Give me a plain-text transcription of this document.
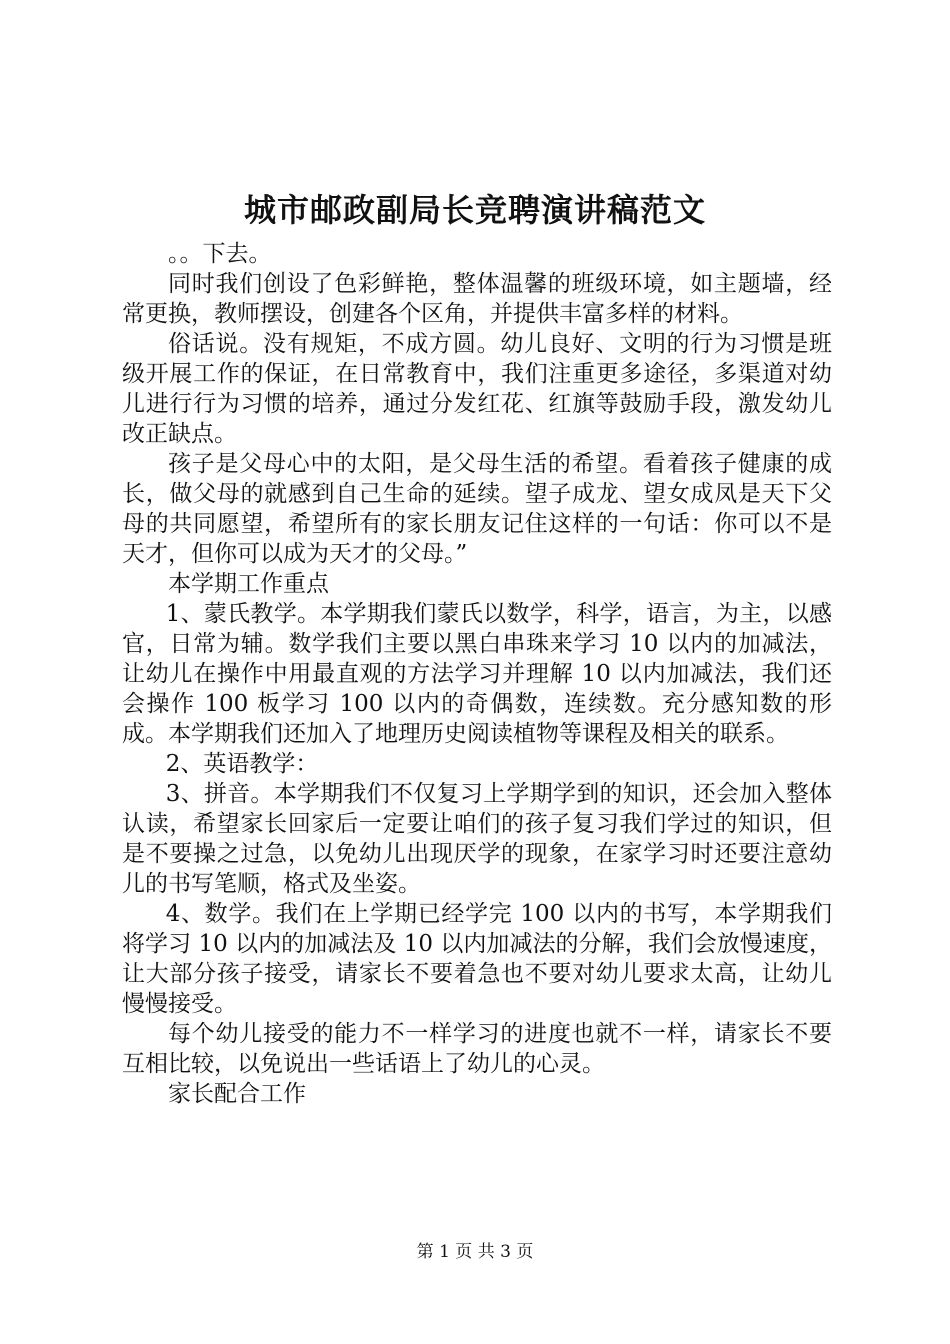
城市邮政副局长竞聘演讲稿范文

。。下去。

同时我们创设了色彩鲜艳，整体温馨的班级环境，如主题墙，经常更换，教师摆设，创建各个区角，并提供丰富多样的材料。

俗话说。没有规矩，不成方圆。幼儿良好、文明的行为习惯是班级开展工作的保证，在日常教育中，我们注重更多途径，多渠道对幼儿进行行为习惯的培养，通过分发红花、红旗等鼓励手段，激发幼儿改正缺点。

孩子是父母心中的太阳，是父母生活的希望。看着孩子健康的成长，做父母的就感到自己生命的延续。望子成龙、望女成凤是天下父母的共同愿望，希望所有的家长朋友记住这样的一句话：你可以不是天才，但你可以成为天才的父母。”

本学期工作重点

1、蒙氏教学。本学期我们蒙氏以数学，科学，语言，为主，以感官，日常为辅。数学我们主要以黑白串珠来学习 10 以内的加减法，让幼儿在操作中用最直观的方法学习并理解 10 以内加减法，我们还会操作 100 板学习 100 以内的奇偶数，连续数。充分感知数的形成。本学期我们还加入了地理历史阅读植物等课程及相关的联系。

2、英语教学：

3、拼音。本学期我们不仅复习上学期学到的知识，还会加入整体认读，希望家长回家后一定要让咱们的孩子复习我们学过的知识，但是不要操之过急，以免幼儿出现厌学的现象，在家学习时还要注意幼儿的书写笔顺，格式及坐姿。

4、数学。我们在上学期已经学完 100 以内的书写，本学期我们将学习 10 以内的加减法及 10 以内加减法的分解，我们会放慢速度，让大部分孩子接受，请家长不要着急也不要对幼儿要求太高，让幼儿慢慢接受。

每个幼儿接受的能力不一样学习的进度也就不一样，请家长不要互相比较，以免说出一些话语上了幼儿的心灵。

家长配合工作

第 1 页 共 3 页
